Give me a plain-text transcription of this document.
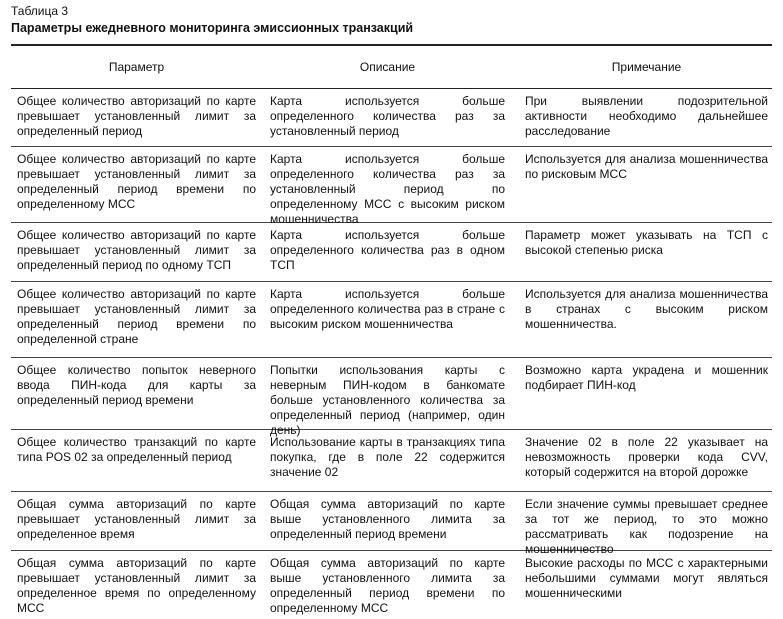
Таблица 3
Параметры ежедневного мониторинга эмиссионных транзакций
Параметр	Описание	Примечание
Общее количество авторизаций по карте превышает установленный лимит за определенный период
Карта используется больше определенного количества раз за установленный период
При выявлении подозрительной активности необходимо дальнейшее расследование
Общее количество авторизаций по карте превышает установленный лимит за определенный период времени по определенному МСС
Карта используется больше определенного количества раз за установленный период по определенному МСС с высоким риском мошенничества
Используется для анализа мошенничества по рисковым МСС
Общее количество авторизаций по карте превышает установленный лимит за определенный период по одному ТСП
Карта используется больше определенного количества раз в одном ТСП
Параметр может указывать на ТСП с высокой степенью риска
Общее количество авторизаций по карте превышает установленный лимит за определенный период времени по определенной стране
Карта используется больше определенного количества раз в стране с высоким риском мошенничества
Используется для анализа мошенничества в странах с высоким риском мошенничества.
Общее количество попыток неверного ввода ПИН-кода для карты за определенный период времени
Попытки использования карты с неверным ПИН-кодом в банкомате больше установленного количества за определенный период (например, один день)
Возможно карта украдена и мошенник подбирает ПИН-код
Общее количество транзакций по карте типа POS 02 за определенный период
Использование карты в транзакциях типа покупка, где в поле 22 содержится значение 02
Значение 02 в поле 22 указывает на невозможность проверки кода CVV, который содержится на второй дорожке
Общая сумма авторизаций по карте превышает установленный лимит за определенное время
Общая сумма авторизаций по карте выше установленного лимита за определенный период времени
Если значение суммы превышает среднее за тот же период, то это можно рассматривать как подозрение на мошенничество
Общая сумма авторизаций по карте превышает установленный лимит за определенное время по определенному МСС
Общая сумма авторизаций по карте выше установленного лимита за определенный период времени по определенному МСС
Высокие расходы по МСС с характерными небольшими суммами могут являться мошенническими
